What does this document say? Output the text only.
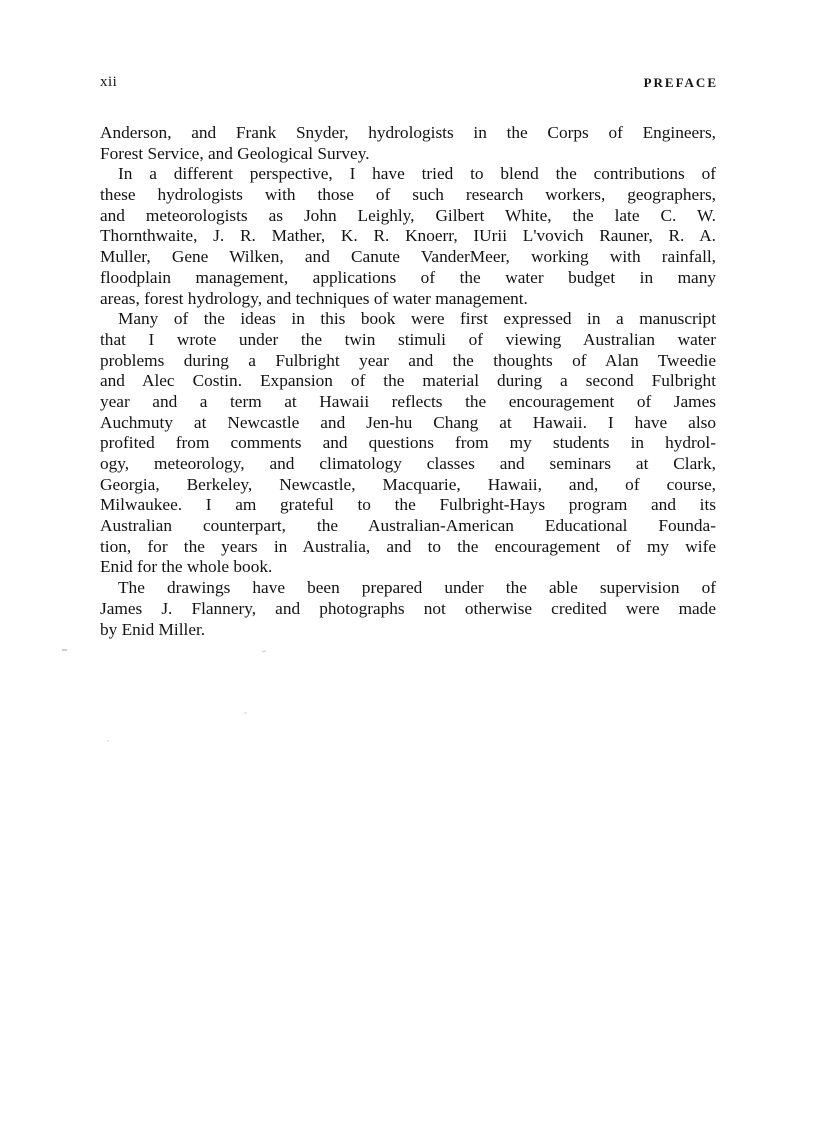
xii	PREFACE
Anderson, and Frank Snyder, hydrologists in the Corps of Engineers,
Forest Service, and Geological Survey.
In a different perspective, I have tried to blend the contributions of
these hydrologists with those of such research workers, geographers,
and meteorologists as John Leighly, Gilbert White, the late C. W.
Thornthwaite, J. R. Mather, K. R. Knoerr, IUrii L'vovich Rauner, R. A.
Muller, Gene Wilken, and Canute VanderMeer, working with rainfall,
floodplain management, applications of the water budget in many
areas, forest hydrology, and techniques of water management.
Many of the ideas in this book were first expressed in a manuscript
that I wrote under the twin stimuli of viewing Australian water
problems during a Fulbright year and the thoughts of Alan Tweedie
and Alec Costin. Expansion of the material during a second Fulbright
year and a term at Hawaii reflects the encouragement of James
Auchmuty at Newcastle and Jen-hu Chang at Hawaii. I have also
profited from comments and questions from my students in hydrol-
ogy, meteorology, and climatology classes and seminars at Clark,
Georgia, Berkeley, Newcastle, Macquarie, Hawaii, and, of course,
Milwaukee. I am grateful to the Fulbright-Hays program and its
Australian counterpart, the Australian-American Educational Founda-
tion, for the years in Australia, and to the encouragement of my wife
Enid for the whole book.
The drawings have been prepared under the able supervision of
James J. Flannery, and photographs not otherwise credited were made
by Enid Miller.
